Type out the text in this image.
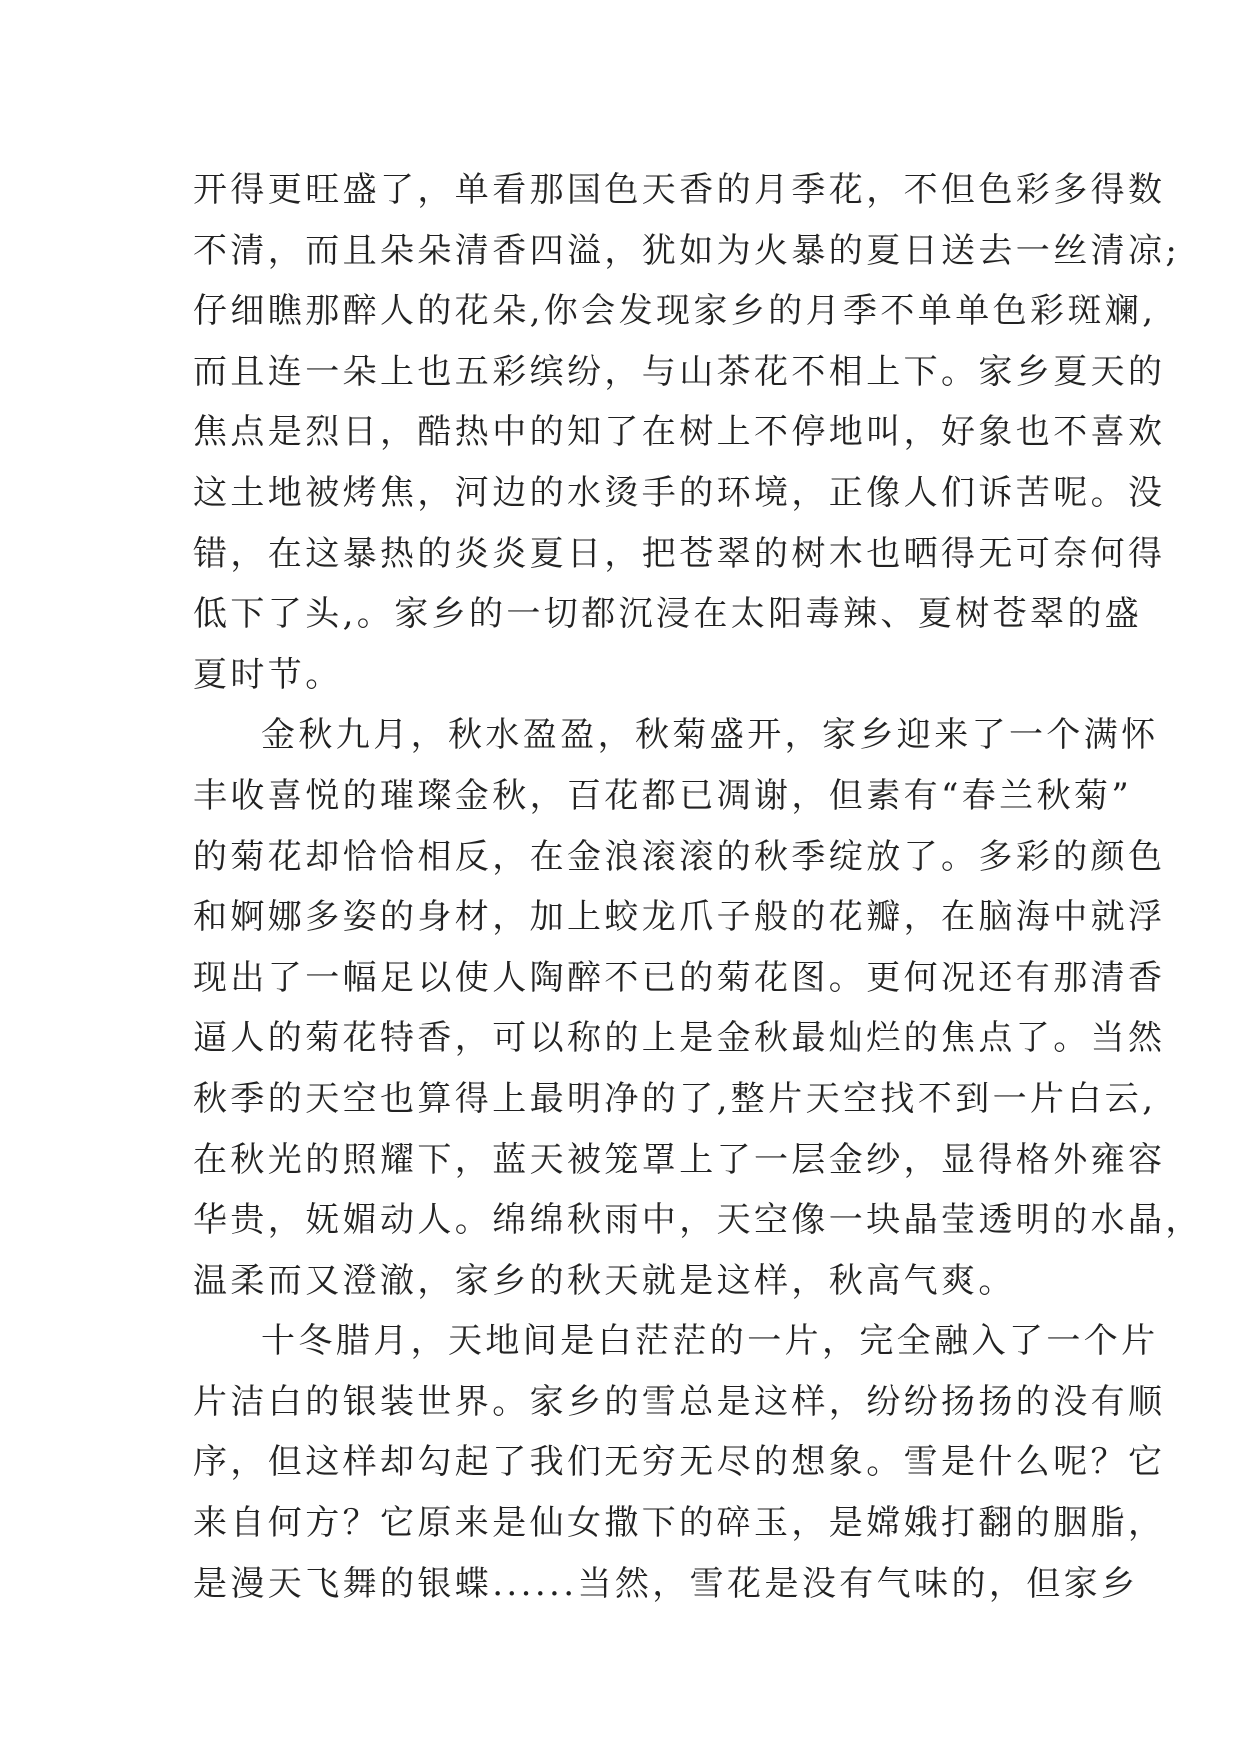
开得更旺盛了，单看那国色天香的月季花，不但色彩多得数
不清，而且朵朵清香四溢，犹如为火暴的夏日送去一丝清凉;
仔细瞧那醉人的花朵,你会发现家乡的月季不单单色彩斑斓,
而且连一朵上也五彩缤纷，与山茶花不相上下。家乡夏天的
焦点是烈日，酷热中的知了在树上不停地叫，好象也不喜欢
这土地被烤焦，河边的水烫手的环境，正像人们诉苦呢。没
错，在这暴热的炎炎夏日，把苍翠的树木也晒得无可奈何得
低下了头,。家乡的一切都沉浸在太阳毒辣、夏树苍翠的盛
夏时节。
金秋九月，秋水盈盈，秋菊盛开，家乡迎来了一个满怀
丰收喜悦的璀璨金秋，百花都已凋谢，但素有“春兰秋菊”
的菊花却恰恰相反，在金浪滚滚的秋季绽放了。多彩的颜色
和婀娜多姿的身材，加上蛟龙爪子般的花瓣，在脑海中就浮
现出了一幅足以使人陶醉不已的菊花图。更何况还有那清香
逼人的菊花特香，可以称的上是金秋最灿烂的焦点了。当然
秋季的天空也算得上最明净的了,整片天空找不到一片白云,
在秋光的照耀下，蓝天被笼罩上了一层金纱，显得格外雍容
华贵，妩媚动人。绵绵秋雨中，天空像一块晶莹透明的水晶，
温柔而又澄澈，家乡的秋天就是这样，秋高气爽。
十冬腊月，天地间是白茫茫的一片，完全融入了一个片
片洁白的银装世界。家乡的雪总是这样，纷纷扬扬的没有顺
序，但这样却勾起了我们无穷无尽的想象。雪是什么呢？它
来自何方？它原来是仙女撒下的碎玉，是嫦娥打翻的胭脂，
是漫天飞舞的银蝶......当然，雪花是没有气味的，但家乡
